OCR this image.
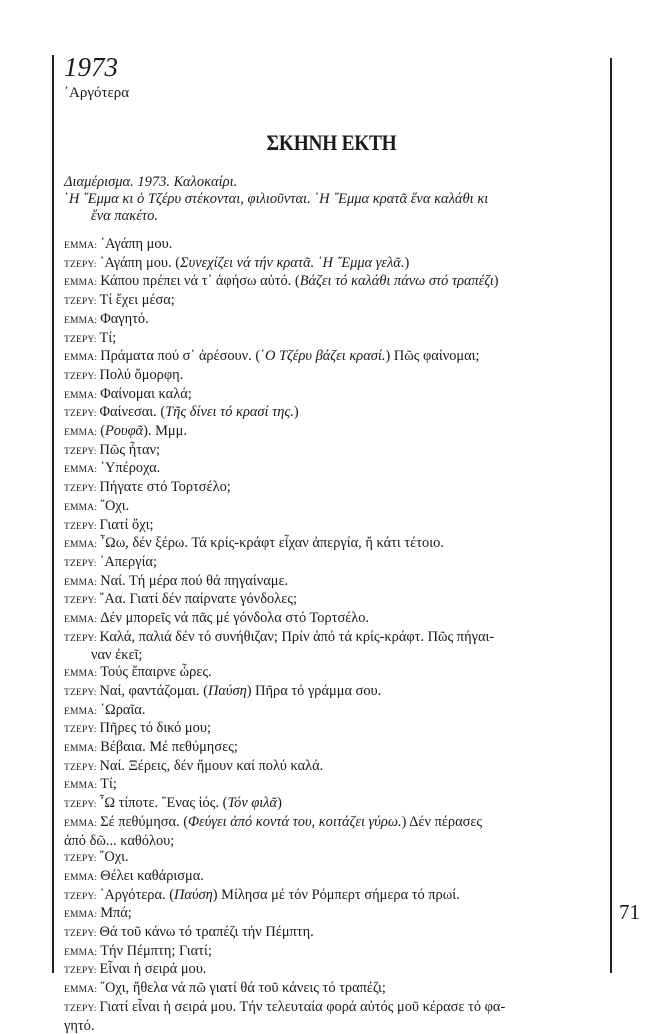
1973
᾿Αργότερα
ΣΚΗΝΗ ΕΚΤΗ
Διαμέρισμα. 1973. Καλοκαίρι.
῾Η ῎Εμμα κι ὁ Τζέρυ στέκονται, φιλιοῦνται. ῾Η ῎Εμμα κρατᾶ ἕνα καλάθι κι
ἕνα πακέτο.
EMMA: ᾿Αγάπη μου.
ΤΖΕΡΥ: ᾿Αγάπη μου. (Συνεχίζει νά τήν κρατᾶ. ῾Η ῎Εμμα γελᾶ.)
EMMA: Κάπου πρέπει νά τ᾿ ἀφήσω αὐτό. (Βάζει τό καλάθι πάνω στό τραπέζι)
ΤΖΕΡΥ: Τί ἔχει μέσα;
EMMA: Φαγητό.
ΤΖΕΡΥ: Τί;
EMMA: Πράματα πού σ᾿ ἀρέσουν. (῾Ο Τζέρυ βάζει κρασί.) Πῶς φαίνομαι;
ΤΖΕΡΥ: Πολύ ὄμορφη.
EMMA: Φαίνομαι καλά;
ΤΖΕΡΥ: Φαίνεσαι. (Τῆς δίνει τό κρασί της.)
EMMA: (Ρουφᾶ). Μμμ.
ΤΖΕΡΥ: Πῶς ἦταν;
EMMA: ῾Υπέροχα.
ΤΖΕΡΥ: Πήγατε στό Τορτσέλο;
EMMA: ῎Οχι.
ΤΖΕΡΥ: Γιατί ὄχι;
EMMA: ῏Ωω, δέν ξέρω. Τά κρίς-κράφτ εἶχαν ἀπεργία, ἤ κάτι τέτοιο.
ΤΖΕΡΥ: ᾿Απεργία;
EMMA: Ναί. Τή μέρα πού θά πηγαίναμε.
ΤΖΕΡΥ: ῎Αα. Γιατί δέν παίρνατε γόνδολες;
EMMA: Δέν μπορεῖς νά πᾶς μέ γόνδολα στό Τορτσέλο.
ΤΖΕΡΥ: Καλά, παλιά δέν τό συνήθιζαν; Πρίν ἀπό τά κρίς-κράφτ. Πῶς πήγαι-
ναν ἐκεῖ;
EMMA: Τούς ἔπαιρνε ὧρες.
ΤΖΕΡΥ: Ναί, φαντάζομαι. (Παύση) Πῆρα τό γράμμα σου.
EMMA: ῾Ωραῖα.
ΤΖΕΡΥ: Πῆρες τό δικό μου;
EMMA: Βέβαια. Μέ πεθύμησες;
ΤΖΕΡΥ: Ναί. Ξέρεις, δέν ἤμουν καί πολύ καλά.
EMMA: Τί;
ΤΖΕΡΥ: ῏Ω τίποτε. ῞Ενας ἰός. (Τόν φιλᾶ)
EMMA: Σέ πεθύμησα. (Φεύγει ἀπό κοντά του, κοιτάζει γύρω.) Δέν πέρασες
ἀπό δῶ... καθόλου;
ΤΖΕΡΥ: ῎Οχι.
EMMA: Θέλει καθάρισμα.
ΤΖΕΡΥ: ᾿Αργότερα. (Παύση) Μίλησα μέ τόν Ρόμπερτ σήμερα τό πρωί.
EMMA: Μπά;
ΤΖΕΡΥ: Θά τοῦ κάνω τό τραπέζι τήν Πέμπτη.
EMMA: Τήν Πέμπτη; Γιατί;
ΤΖΕΡΥ: Εἶναι ἡ σειρά μου.
EMMA: ῎Οχι, ἤθελα νά πῶ γιατί θά τοῦ κάνεις τό τραπέζι;
ΤΖΕΡΥ: Γιατί εἶναι ἡ σειρά μου. Τήν τελευταία φορά αὐτός μοῦ κέρασε τό φα-
γητό.
71
